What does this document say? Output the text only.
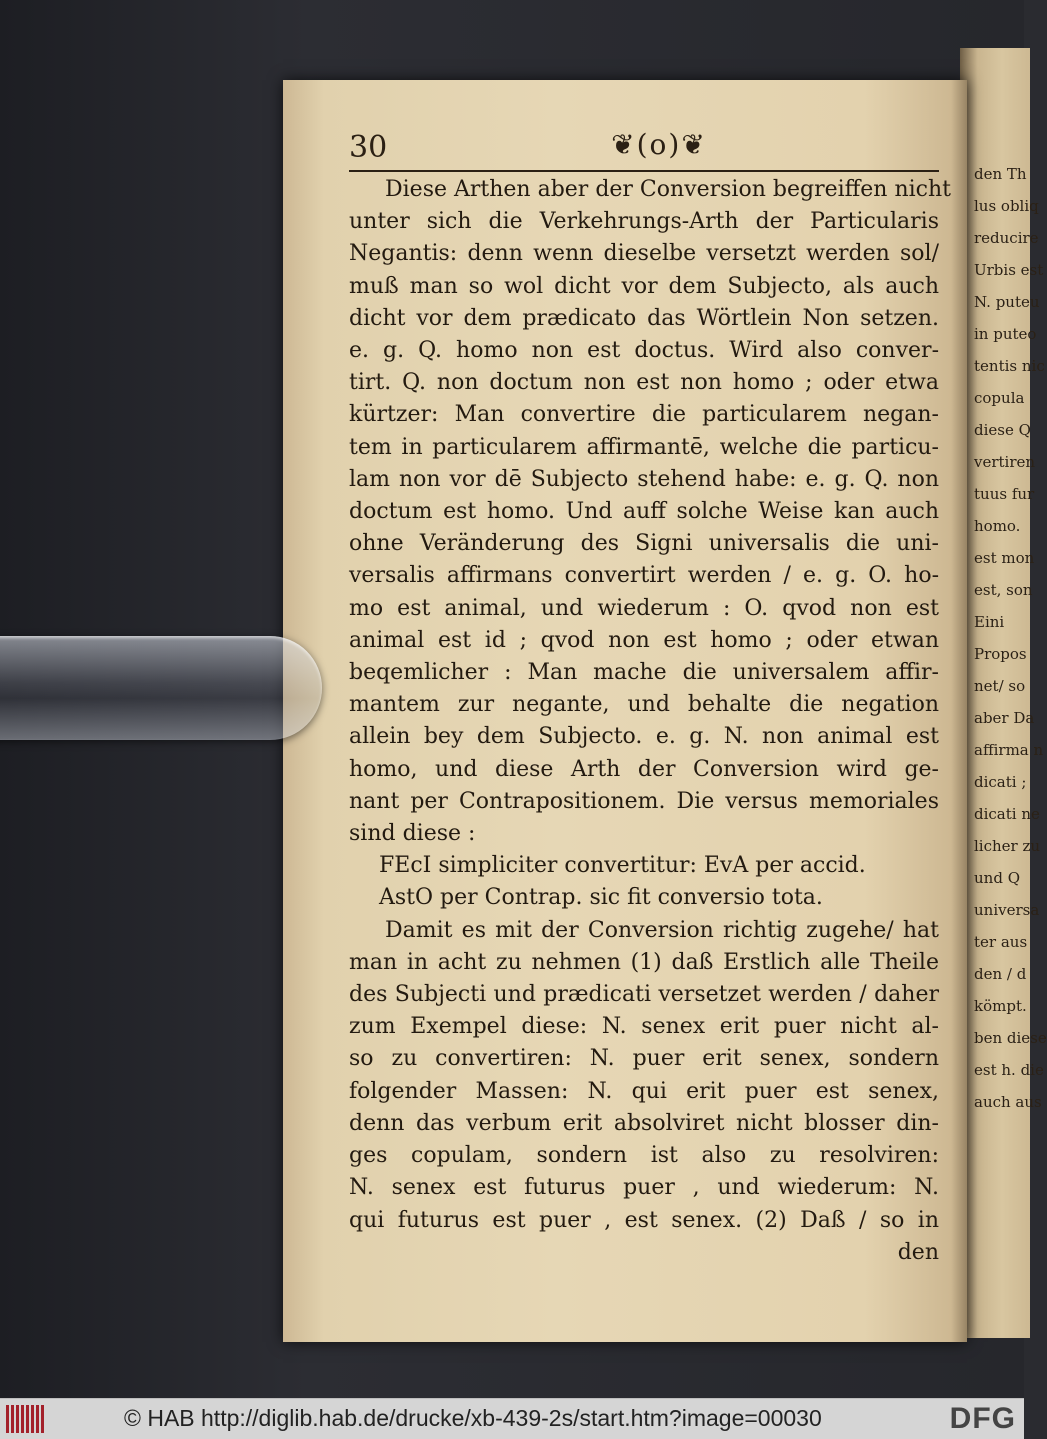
den Th
lus obliq
reducire
Urbis est
N. puteu
in puteo
tentis nic
copula
diese Q
vertiren
tuus fur
homo.
est mon
est, son
Eini
Propos
net/ so
aber Da
affirma n
dicati ;
dicati ne
licher zu
und Q
universa
ter aus
den / d
kömpt.
ben diese
est h. die
auch aus
30	❦(o)❦
Diese Arthen aber der Conversion begreiffen nicht
unter sich die Verkehrungs-Arth der Particularis
Negantis: denn wenn dieselbe versetzt werden sol/
muß man so wol dicht vor dem Subjecto, als auch
dicht vor dem prædicato das Wörtlein Non setzen.
e. g. Q. homo non est doctus. Wird also conver-
tirt. Q. non doctum non est non homo ; oder etwa
kürtzer: Man convertire die particularem negan-
tem in particularem affirmantē, welche die particu-
lam non vor dē Subjecto stehend habe: e. g. Q. non
doctum est homo. Und auff solche Weise kan auch
ohne Veränderung des Signi universalis die uni-
versalis affirmans convertirt werden / e. g. O. ho-
mo est animal, und wiederum : O. qvod non est
animal est id ; qvod non est homo ; oder etwan
beqemlicher : Man mache die universalem affir-
mantem zur negante, und behalte die negation
allein bey dem Subjecto. e. g. N. non animal est
homo, und diese Arth der Conversion wird ge-
nant per Contrapositionem. Die versus memoriales
sind diese :
FEcI simpliciter convertitur: EvA per accid.
AstO per Contrap. sic fit conversio tota.
Damit es mit der Conversion richtig zugehe/ hat
man in acht zu nehmen (1) daß Erstlich alle Theile
des Subjecti und prædicati versetzet werden / daher
zum Exempel diese: N. senex erit puer nicht al-
so zu convertiren: N. puer erit senex, sondern
folgender Massen: N. qui erit puer est senex,
denn das verbum erit absolviret nicht blosser din-
ges copulam, sondern ist also zu resolviren:
N. senex est futurus puer , und wiederum: N.
qui futurus est puer , est senex. (2) Daß / so in
den
© HAB http://diglib.hab.de/drucke/xb-439-2s/start.htm?image=00030	DFG
